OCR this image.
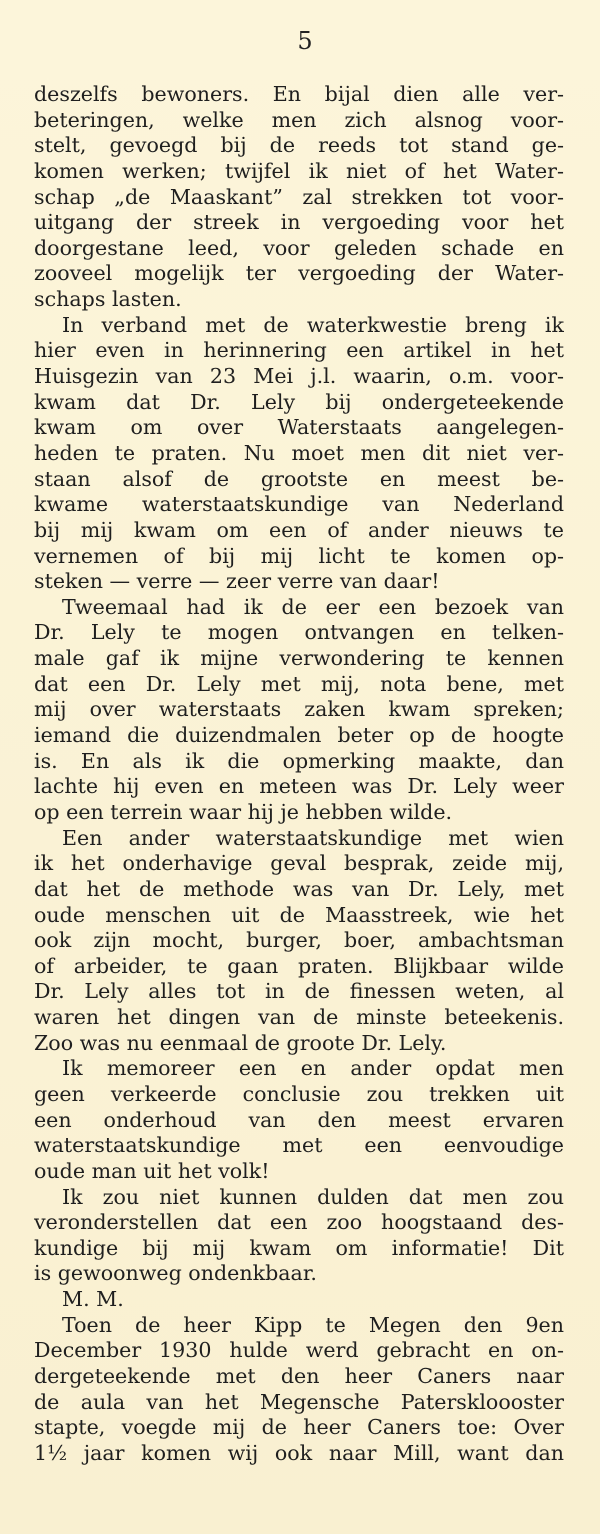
5
deszelfs bewoners. En bijal dien alle ver-
beteringen, welke men zich alsnog voor-
stelt, gevoegd bij de reeds tot stand ge-
komen werken; twijfel ik niet of het Water-
schap „de Maaskant” zal strekken tot voor-
uitgang der streek in vergoeding voor het
doorgestane leed, voor geleden schade en
zooveel mogelijk ter vergoeding der Water-
schaps lasten.
In verband met de waterkwestie breng ik
hier even in herinnering een artikel in het
Huisgezin van 23 Mei j.l. waarin, o.m. voor-
kwam dat Dr. Lely bij ondergeteekende
kwam om over Waterstaats aangelegen-
heden te praten. Nu moet men dit niet ver-
staan alsof de grootste en meest be-
kwame waterstaatskundige van Nederland
bij mij kwam om een of ander nieuws te
vernemen of bij mij licht te komen op-
steken — verre — zeer verre van daar!
Tweemaal had ik de eer een bezoek van
Dr. Lely te mogen ontvangen en telken-
male gaf ik mijne verwondering te kennen
dat een Dr. Lely met mij, nota bene, met
mij over waterstaats zaken kwam spreken;
iemand die duizendmalen beter op de hoogte
is. En als ik die opmerking maakte, dan
lachte hij even en meteen was Dr. Lely weer
op een terrein waar hij je hebben wilde.
Een ander waterstaatskundige met wien
ik het onderhavige geval besprak, zeide mij,
dat het de methode was van Dr. Lely, met
oude menschen uit de Maasstreek, wie het
ook zijn mocht, burger, boer, ambachtsman
of arbeider, te gaan praten. Blijkbaar wilde
Dr. Lely alles tot in de finessen weten, al
waren het dingen van de minste beteekenis.
Zoo was nu eenmaal de groote Dr. Lely.
Ik memoreer een en ander opdat men
geen verkeerde conclusie zou trekken uit
een onderhoud van den meest ervaren
waterstaatskundige met een eenvoudige
oude man uit het volk!
Ik zou niet kunnen dulden dat men zou
veronderstellen dat een zoo hoogstaand des-
kundige bij mij kwam om informatie! Dit
is gewoonweg ondenkbaar.
M. M.
Toen de heer Kipp te Megen den 9en
December 1930 hulde werd gebracht en on-
dergeteekende met den heer Caners naar
de aula van het Megensche Paterskloooster
stapte, voegde mij de heer Caners toe: Over
1½ jaar komen wij ook naar Mill, want dan
